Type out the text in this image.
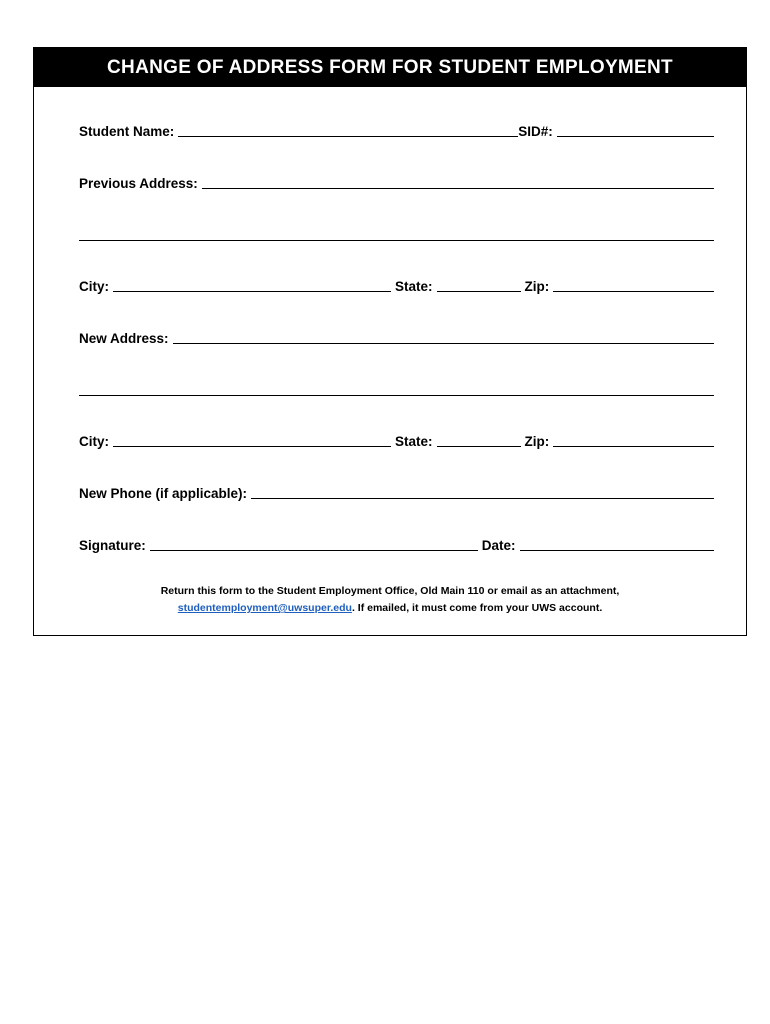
CHANGE OF ADDRESS FORM FOR STUDENT EMPLOYMENT
Student Name:	SID#:
Previous Address:
City:	State:	Zip:
New Address:
City:	State:	Zip:
New Phone (if applicable):
Signature:	Date:
Return this form to the Student Employment Office, Old Main 110 or email as an attachment,
studentemployment@uwsuper.edu. If emailed, it must come from your UWS account.
